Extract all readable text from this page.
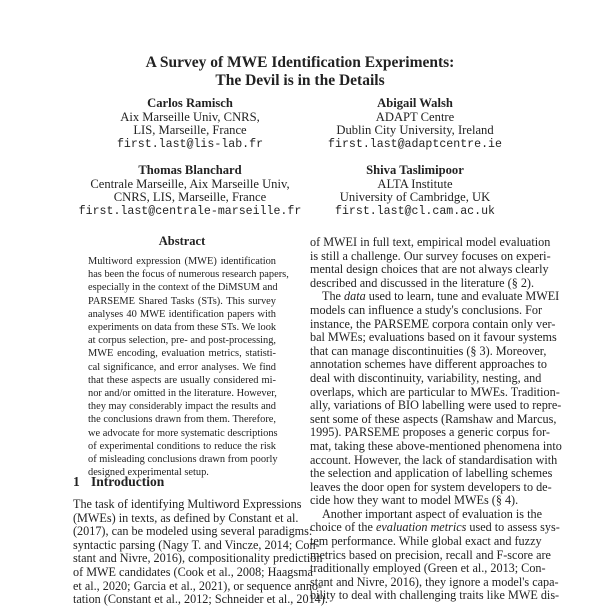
A Survey of MWE Identification Experiments:
The Devil is in the Details
Carlos Ramisch
Aix Marseille Univ, CNRS,
LIS, Marseille, France
first.last@lis-lab.fr
Abigail Walsh
ADAPT Centre
Dublin City University, Ireland
first.last@adaptcentre.ie
Thomas Blanchard
Centrale Marseille, Aix Marseille Univ,
CNRS, LIS, Marseille, France
first.last@centrale-marseille.fr
Shiva Taslimipoor
ALTA Institute
University of Cambridge, UK
first.last@cl.cam.ac.uk
Abstract
Multiword expression (MWE) identification
has been the focus of numerous research papers,
especially in the context of the DiMSUM and
PARSEME Shared Tasks (STs). This survey
analyses 40 MWE identification papers with
experiments on data from these STs. We look
at corpus selection, pre- and post-processing,
MWE encoding, evaluation metrics, statisti-
cal significance, and error analyses. We find
that these aspects are usually considered mi-
nor and/or omitted in the literature. However,
they may considerably impact the results and
the conclusions drawn from them. Therefore,
we advocate for more systematic descriptions
of experimental conditions to reduce the risk
of misleading conclusions drawn from poorly
designed experimental setup.
1 Introduction
The task of identifying Multiword Expressions
(MWEs) in texts, as defined by Constant et al.
(2017), can be modeled using several paradigms:
syntactic parsing (Nagy T. and Vincze, 2014; Con-
stant and Nivre, 2016), compositionality prediction
of MWE candidates (Cook et al., 2008; Haagsma
et al., 2020; Garcia et al., 2021), or sequence anno-
tation (Constant et al., 2012; Schneider et al., 2014).
of MWEI in full text, empirical model evaluation
is still a challenge. Our survey focuses on experi-
mental design choices that are not always clearly
described and discussed in the literature (§ 2).
The data used to learn, tune and evaluate MWEI
models can influence a study's conclusions. For
instance, the PARSEME corpora contain only ver-
bal MWEs; evaluations based on it favour systems
that can manage discontinuities (§ 3). Moreover,
annotation schemes have different approaches to
deal with discontinuity, variability, nesting, and
overlaps, which are particular to MWEs. Tradition-
ally, variations of BIO labelling were used to repre-
sent some of these aspects (Ramshaw and Marcus,
1995). PARSEME proposes a generic corpus for-
mat, taking these above-mentioned phenomena into
account. However, the lack of standardisation with
the selection and application of labelling schemes
leaves the door open for system developers to de-
cide how they want to model MWEs (§ 4).
Another important aspect of evaluation is the
choice of the evaluation metrics used to assess sys-
tem performance. While global exact and fuzzy
metrics based on precision, recall and F-score are
traditionally employed (Green et al., 2013; Con-
stant and Nivre, 2016), they ignore a model's capa-
bility to deal with challenging traits like MWE dis-
